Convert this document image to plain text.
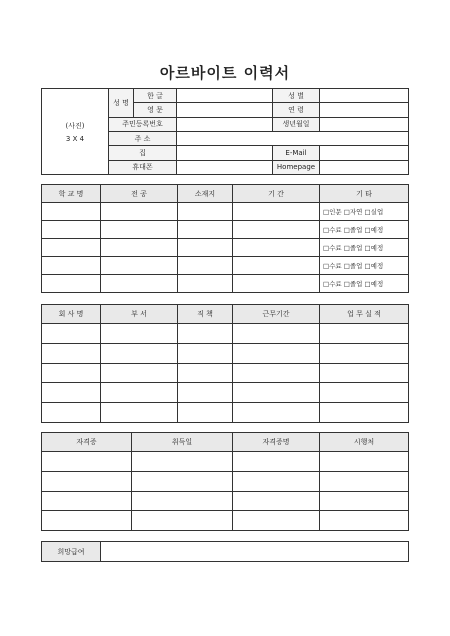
아르바이트 이력서
(사진)
3 X 4	성 명	한 글		성 별	
		영 문		연 령	
	주민등록번호			생년월일	
	주 소				
	집			E-Mail	
	휴대폰			Homepage	
학 교 명	전 공	소재지	기 간	기 타
				□인문 □자연 □실업
				□수료 □졸업 □예정
				□수료 □졸업 □예정
				□수료 □졸업 □예정
				□수료 □졸업 □예정
회 사 명	부 서	직 책	근무기간	업 무 실 적

자격증	취득일	자격증명	시행처

희망급여	
